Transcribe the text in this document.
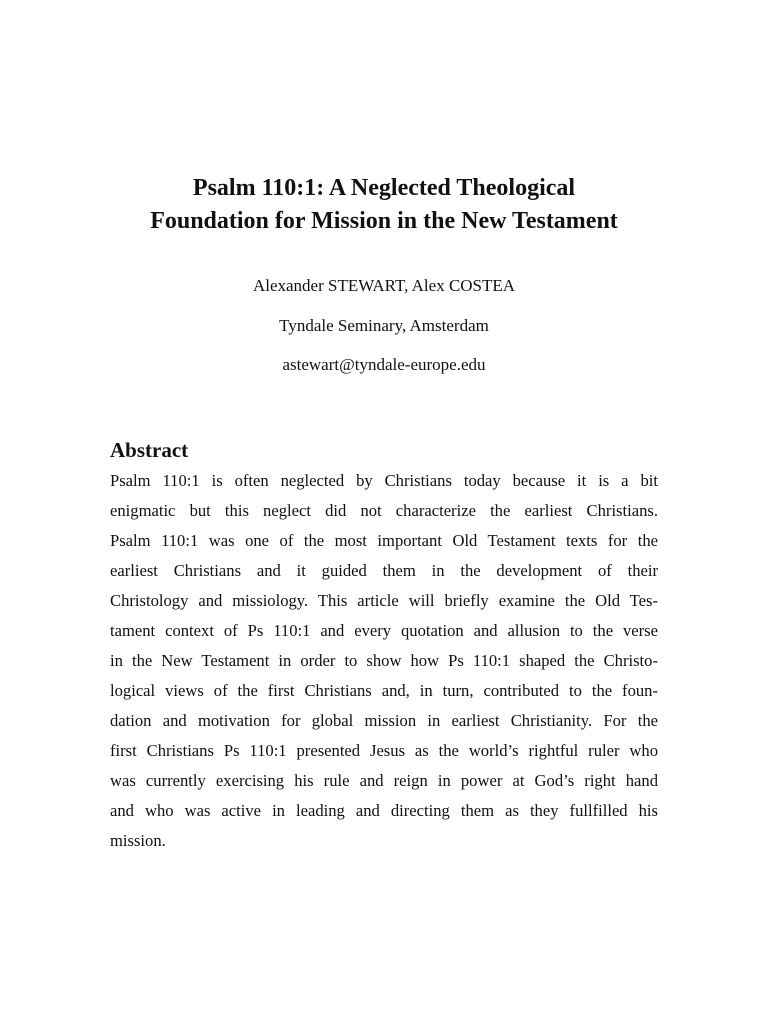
Psalm 110:1: A Neglected Theological
Foundation for Mission in the New Testament
Alexander STEWART, Alex COSTEA
Tyndale Seminary, Amsterdam
astewart@tyndale-europe.edu
Abstract
Psalm 110:1 is often neglected by Christians today because it is a bit
enigmatic but this neglect did not characterize the earliest Christians.
Psalm 110:1 was one of the most important Old Testament texts for the
earliest Christians and it guided them in the development of their
Christology and missiology. This article will briefly examine the Old Tes-
tament context of Ps 110:1 and every quotation and allusion to the verse
in the New Testament in order to show how Ps 110:1 shaped the Christo-
logical views of the first Christians and, in turn, contributed to the foun-
dation and motivation for global mission in earliest Christianity. For the
first Christians Ps 110:1 presented Jesus as the world’s rightful ruler who
was currently exercising his rule and reign in power at God’s right hand
and who was active in leading and directing them as they fullfilled his
mission.
